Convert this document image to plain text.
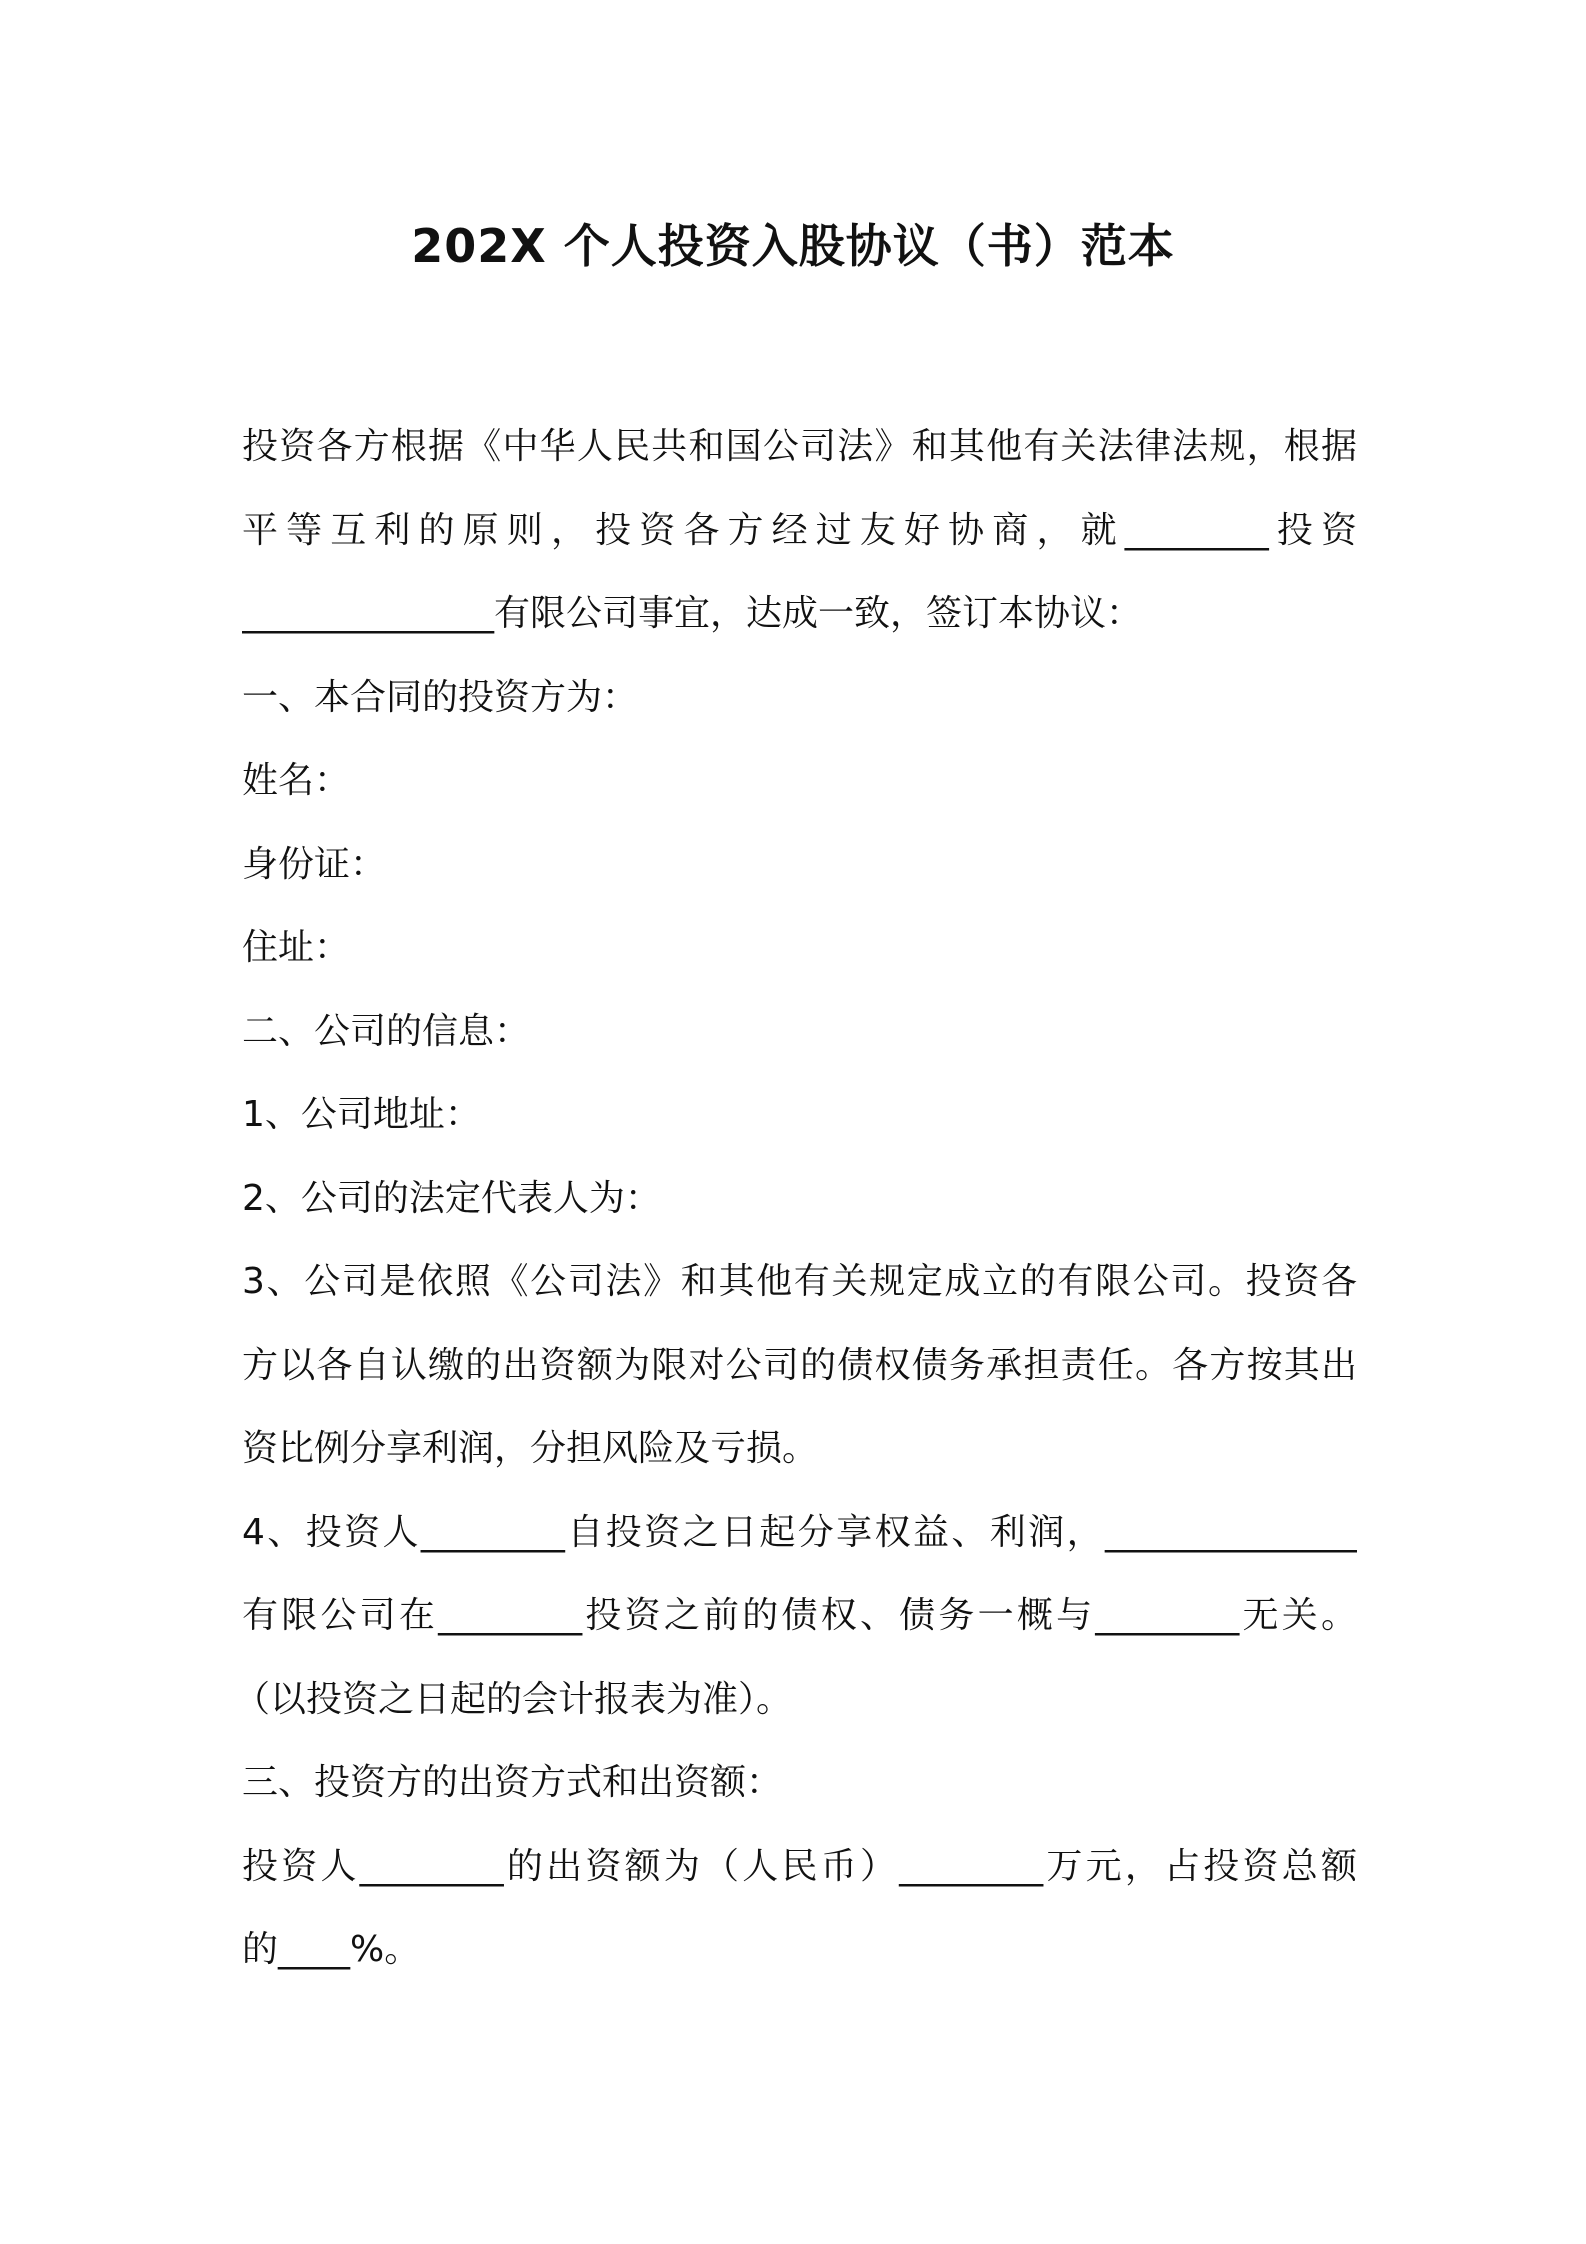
202X 个人投资入股协议（书）范本
投资各方根据《中华人民共和国公司法》和其他有关法律法规，根据
平等互利的原则，投资各方经过友好协商，就________投资
______________有限公司事宜，达成一致，签订本协议：
一、本合同的投资方为：
姓名：
身份证：
住址：
二、公司的信息：
1、公司地址：
2、公司的法定代表人为：
3、公司是依照《公司法》和其他有关规定成立的有限公司。投资各
方以各自认缴的出资额为限对公司的债权债务承担责任。各方按其出
资比例分享利润，分担风险及亏损。
4、投资人________自投资之日起分享权益、利润，______________
有限公司在________投资之前的债权、债务一概与________无关。
（以投资之日起的会计报表为准）。
三、投资方的出资方式和出资额：
投资人________的出资额为（人民币）________万元，占投资总额
的____%。
